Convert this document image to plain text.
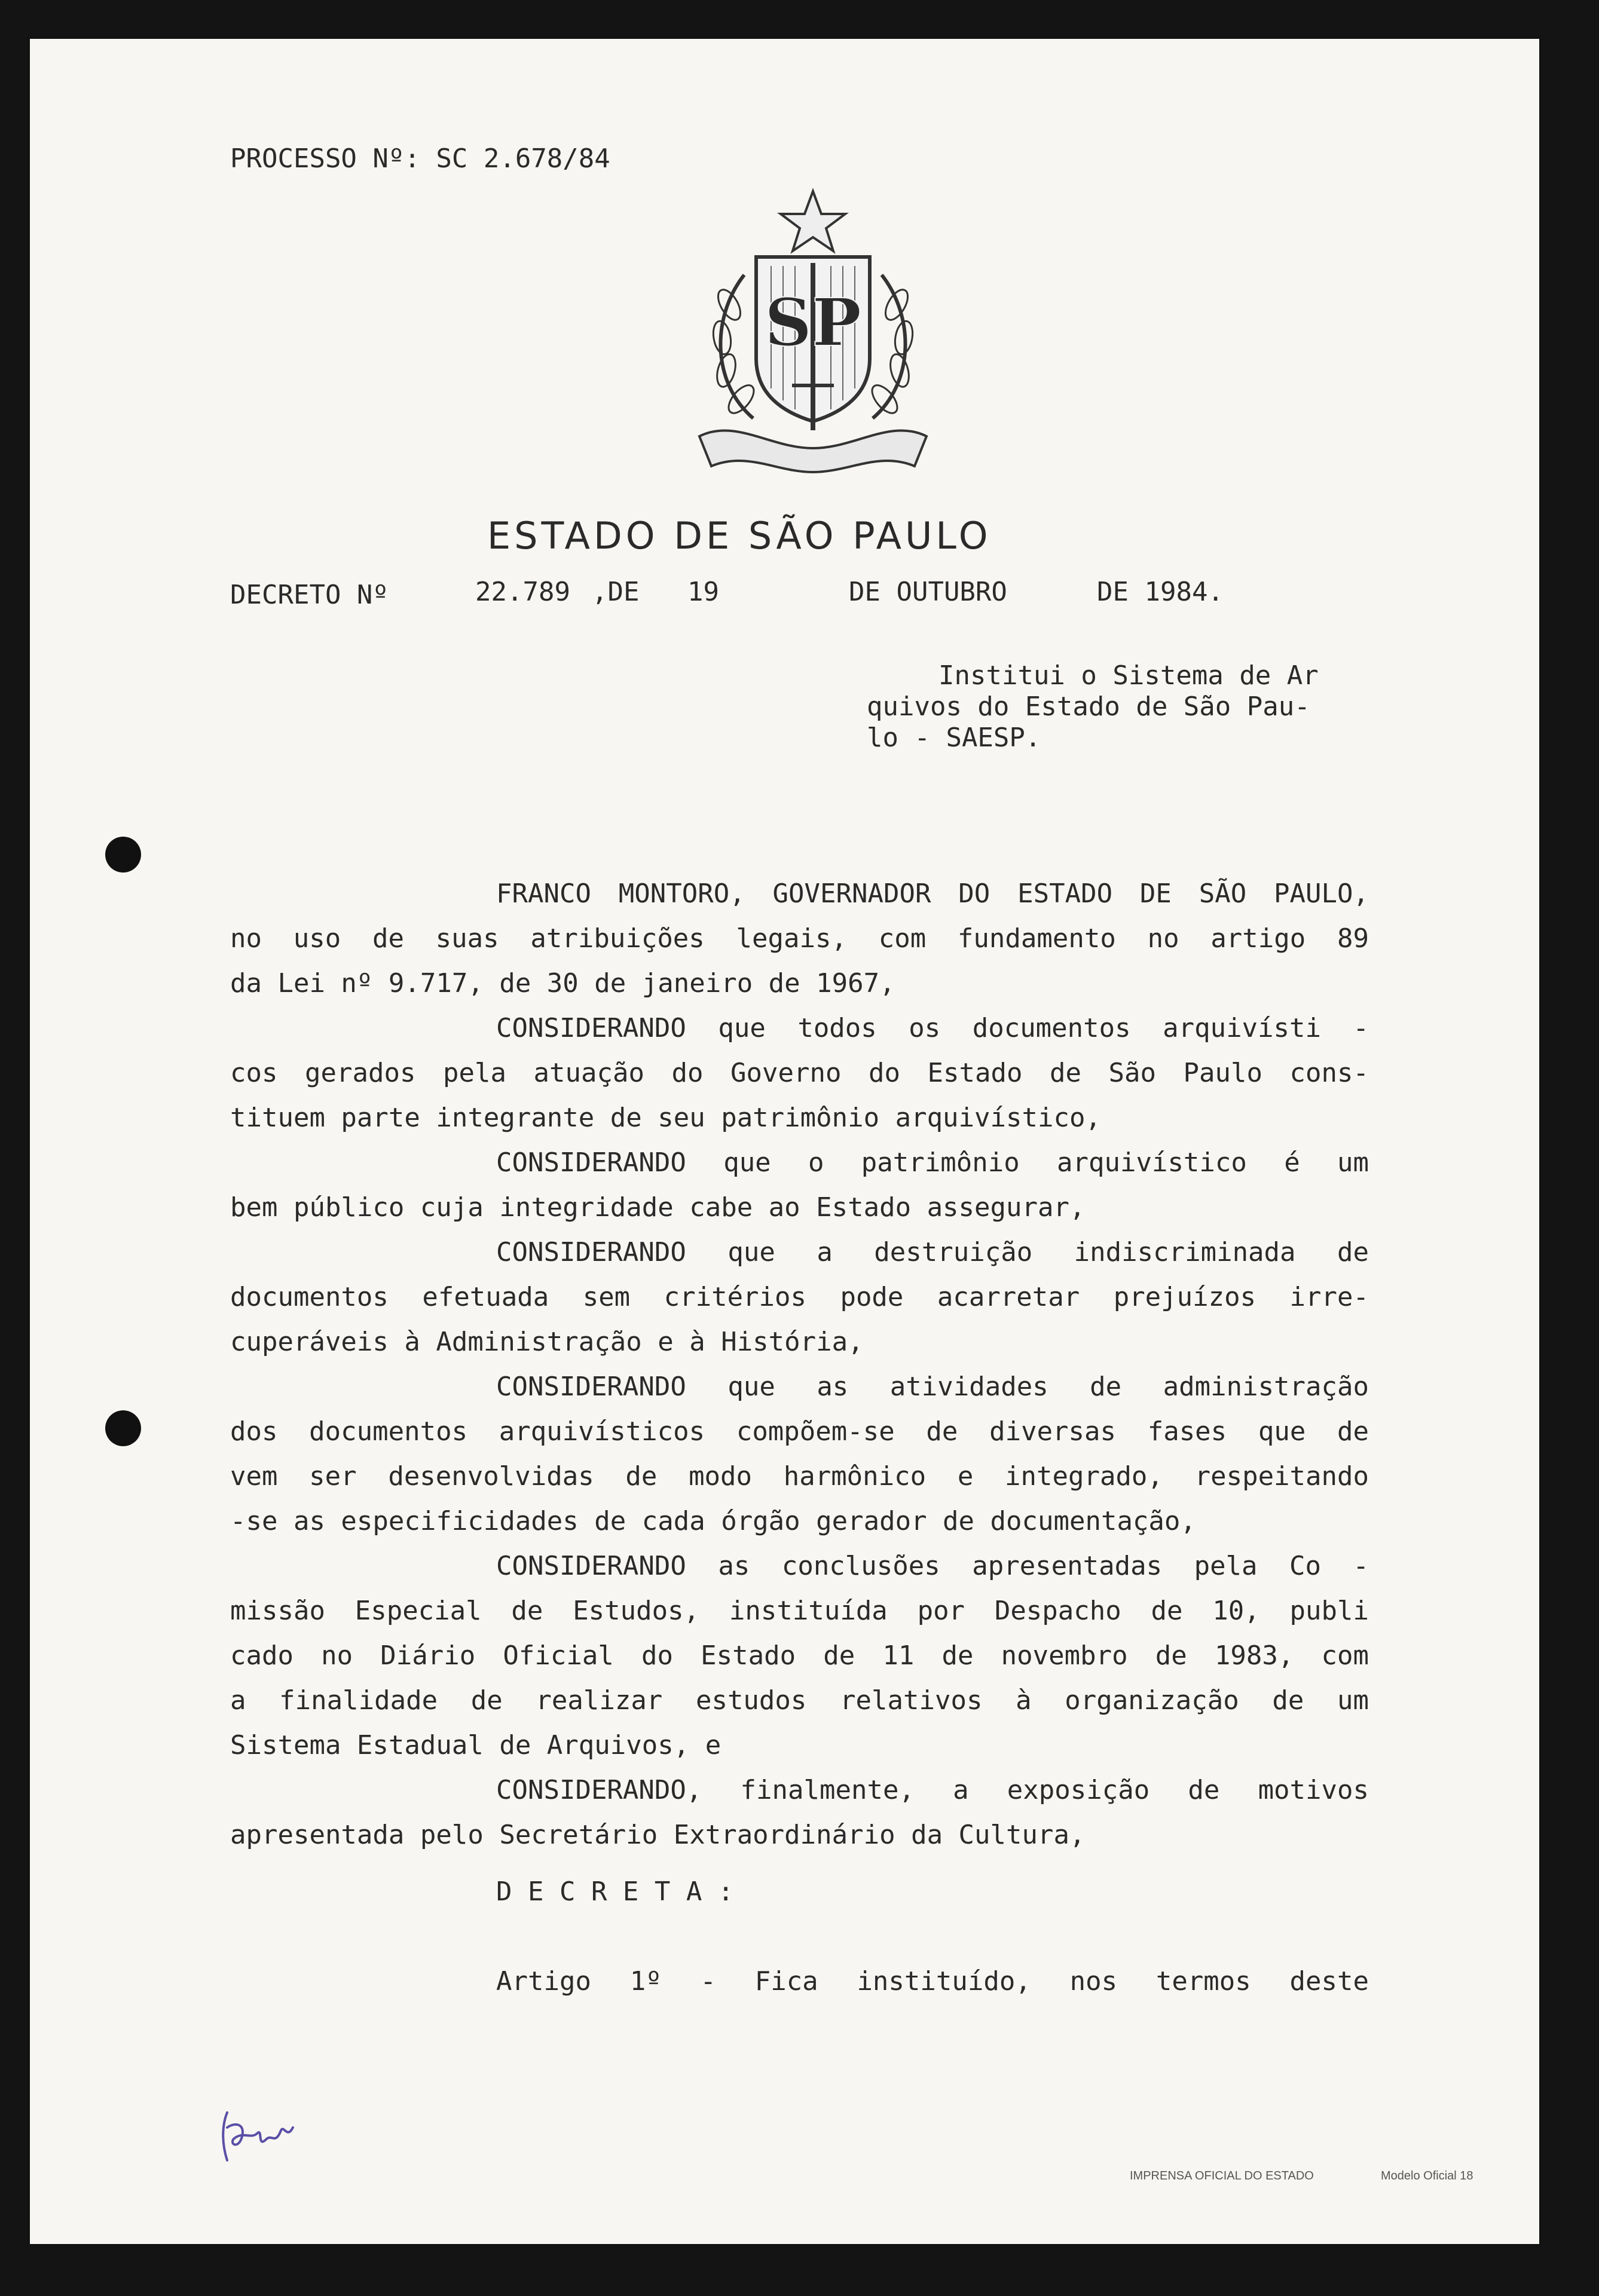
PROCESSO Nº: SC 2.678/84
SP
ESTADO DE SÃO PAULO
DECRETO Nº	22.789 ,DE 19	DE OUTUBRO	DE 1984.
Institui o Sistema de Ar
quivos do Estado de São Pau-
lo - SAESP.
FRANCO MONTORO, GOVERNADOR DO ESTADO DE SÃO PAULO,
no uso de suas atribuições legais, com fundamento no artigo 89
da Lei nº 9.717, de 30 de janeiro de 1967,
CONSIDERANDO que todos os documentos arquivísti -
cos gerados pela atuação do Governo do Estado de São Paulo cons-
tituem parte integrante de seu patrimônio arquivístico,
CONSIDERANDO que o patrimônio arquivístico é um
bem público cuja integridade cabe ao Estado assegurar,
CONSIDERANDO que a destruição indiscriminada de
documentos efetuada sem critérios pode acarretar prejuízos irre-
cuperáveis à Administração e à História,
CONSIDERANDO que as atividades de administração
dos documentos arquivísticos compõem-se de diversas fases que de
vem ser desenvolvidas de modo harmônico e integrado, respeitando
-se as especificidades de cada órgão gerador de documentação,
CONSIDERANDO as conclusões apresentadas pela Co -
missão Especial de Estudos, instituída por Despacho de 10, publi
cado no Diário Oficial do Estado de 11 de novembro de 1983, com
a finalidade de realizar estudos relativos à organização de um
Sistema Estadual de Arquivos, e
CONSIDERANDO, finalmente, a exposição de motivos
apresentada pelo Secretário Extraordinário da Cultura,
D E C R E T A :
Artigo 1º - Fica instituído, nos termos deste
IMPRENSA OFICIAL DO ESTADO	Modelo Oficial 18
